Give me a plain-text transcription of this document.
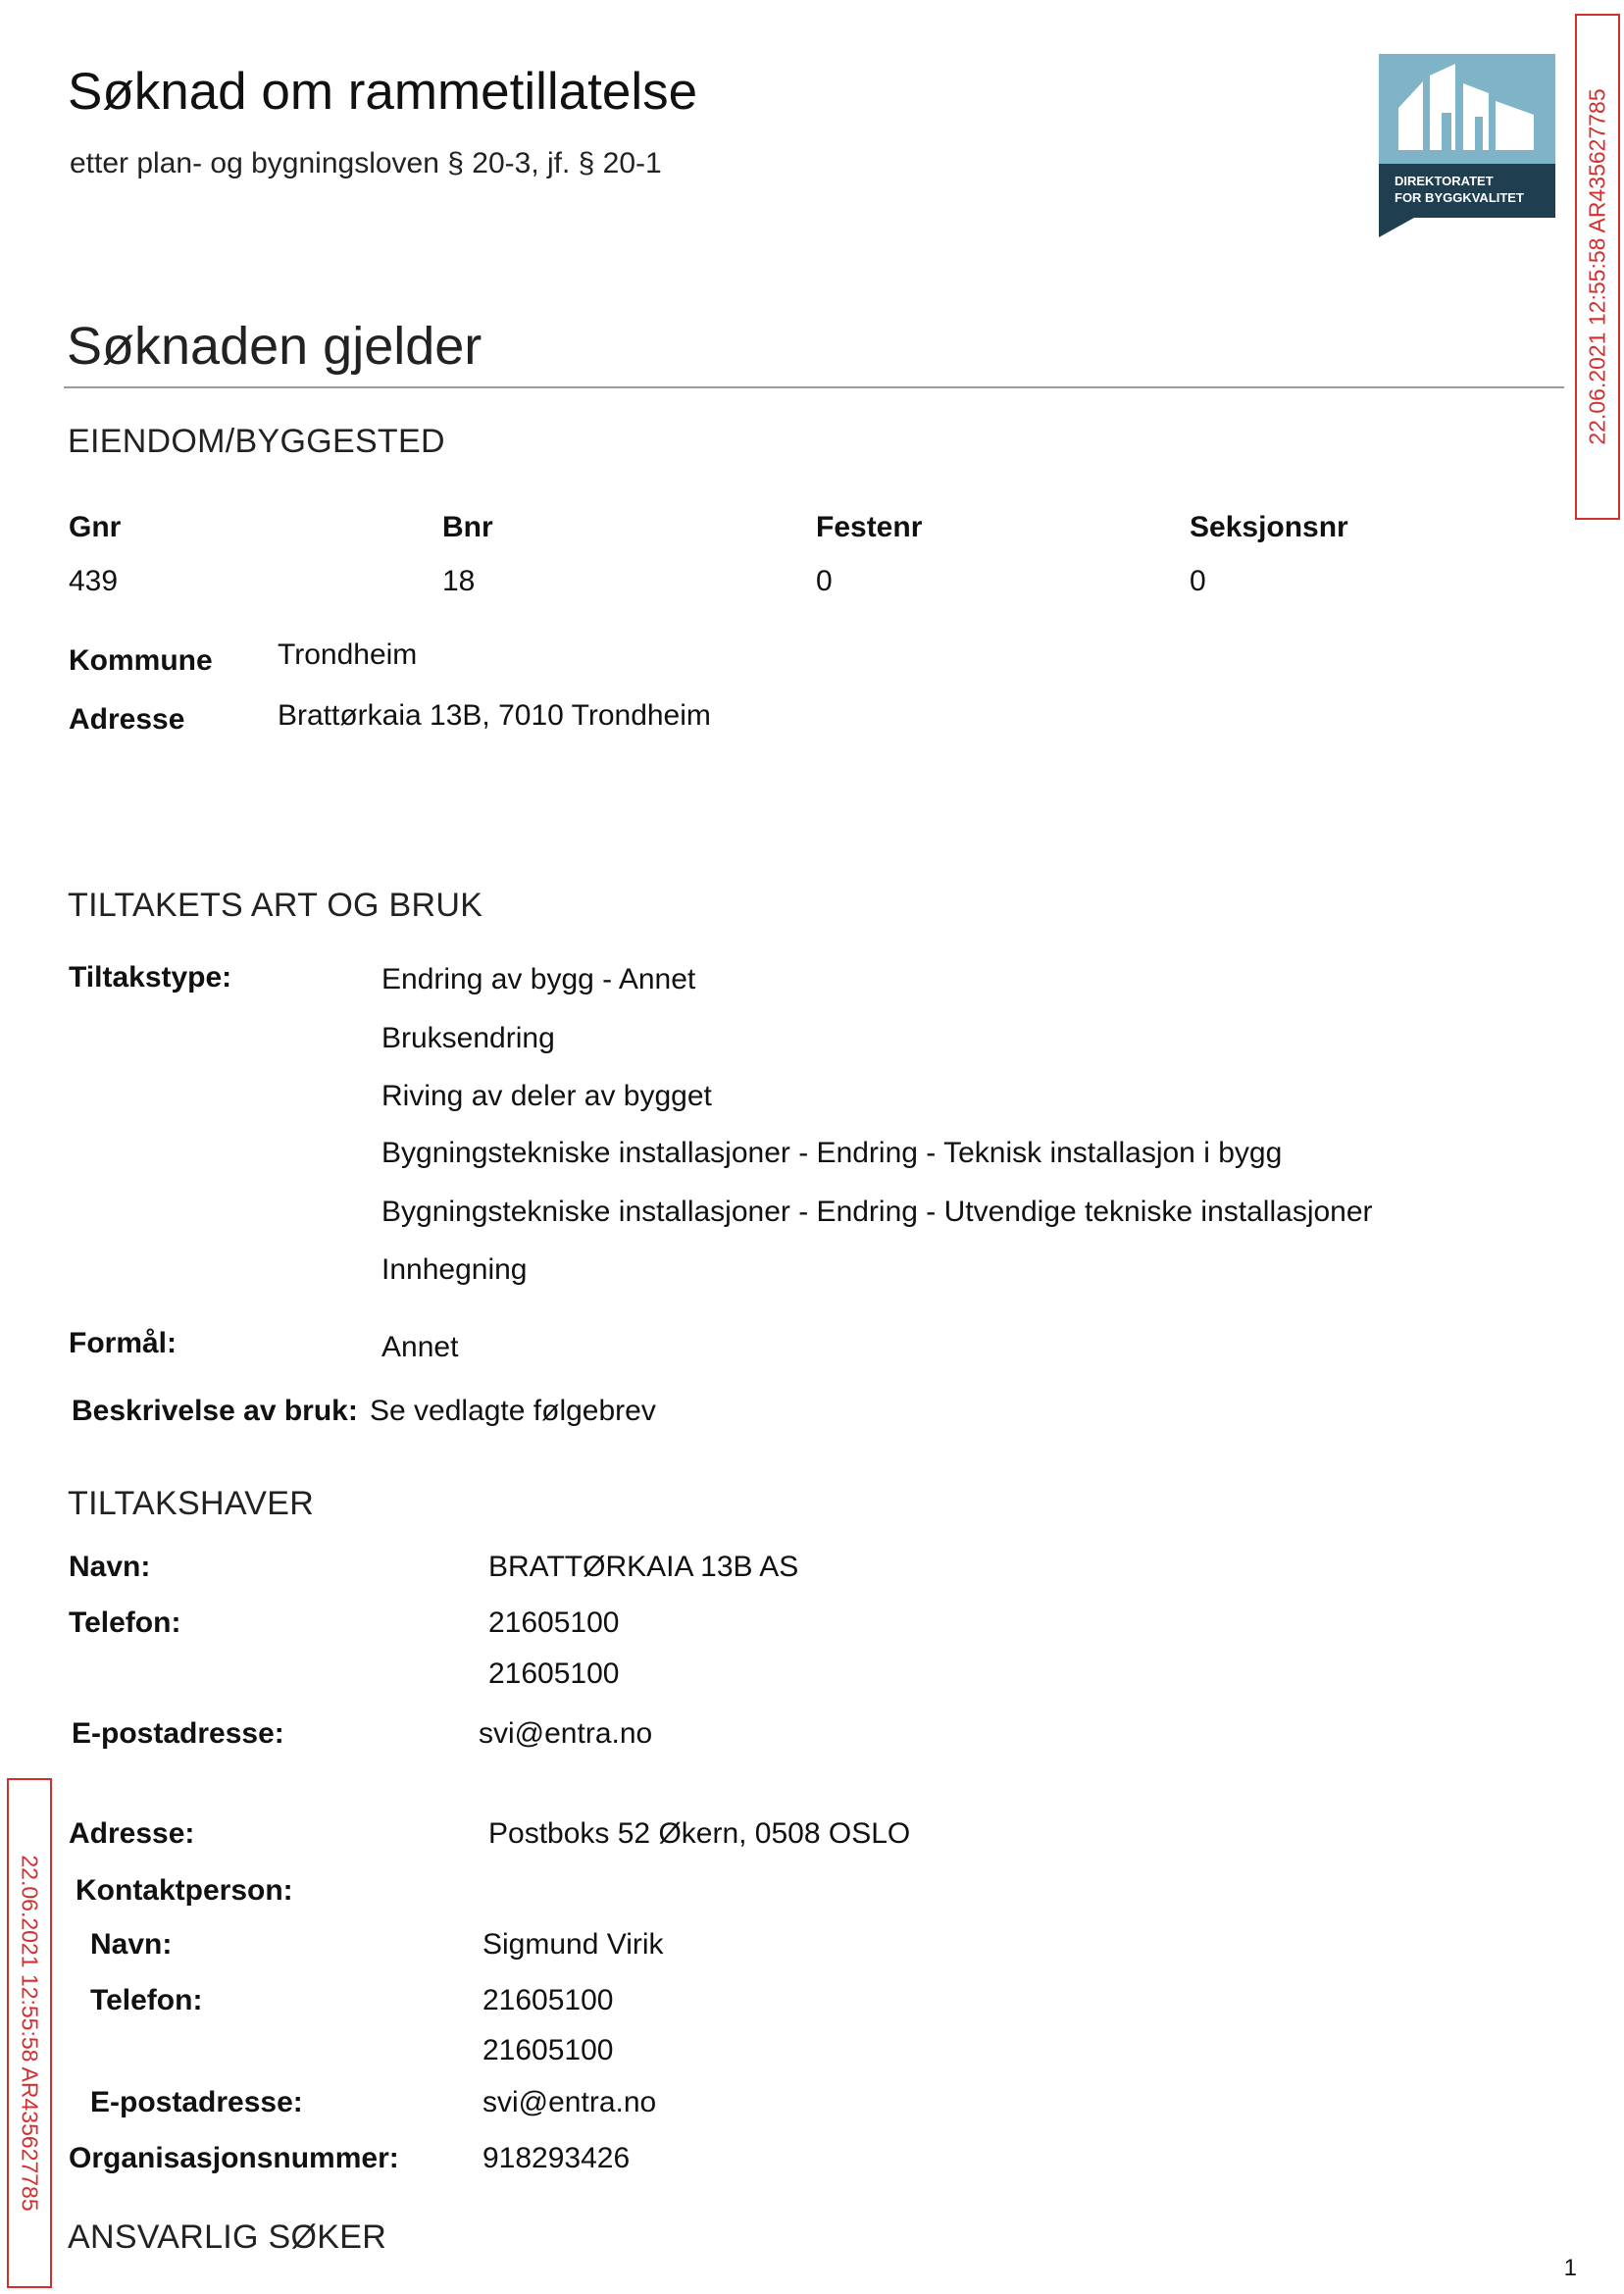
Søknad om rammetillatelse
etter plan- og bygningsloven § 20-3, jf. § 20-1
DIREKTORATET
FOR BYGGKVALITET	22.06.2021 12:55:58 AR435627785
Søknaden gjelder
EIENDOM/BYGGESTED
Gnr	Bnr	Festenr	Seksjonsnr
439	18	0	0
Kommune Trondheim
Adresse	Brattørkaia 13B, 7010 Trondheim
TILTAKETS ART OG BRUK
Tiltakstype:	Endring av bygg - Annet
Bruksendring
Riving av deler av bygget
Bygningstekniske installasjoner - Endring - Teknisk installasjon i bygg
Bygningstekniske installasjoner - Endring - Utvendige tekniske installasjoner
Innhegning
Formål:	Annet
Beskrivelse av bruk: Se vedlagte følgebrev
TILTAKSHAVER
Navn:	BRATTØRKAIA 13B AS
Telefon:	21605100
21605100
E-postadresse:	svi@entra.no
22.06.2021 12:55:58 AR435627785
Adresse:	Postboks 52 Økern, 0508 OSLO
Kontaktperson:
Navn:	Sigmund Virik
Telefon:	21605100
21605100
E-postadresse:	svi@entra.no
Organisasjonsnummer:	918293426
ANSVARLIG SØKER
1
